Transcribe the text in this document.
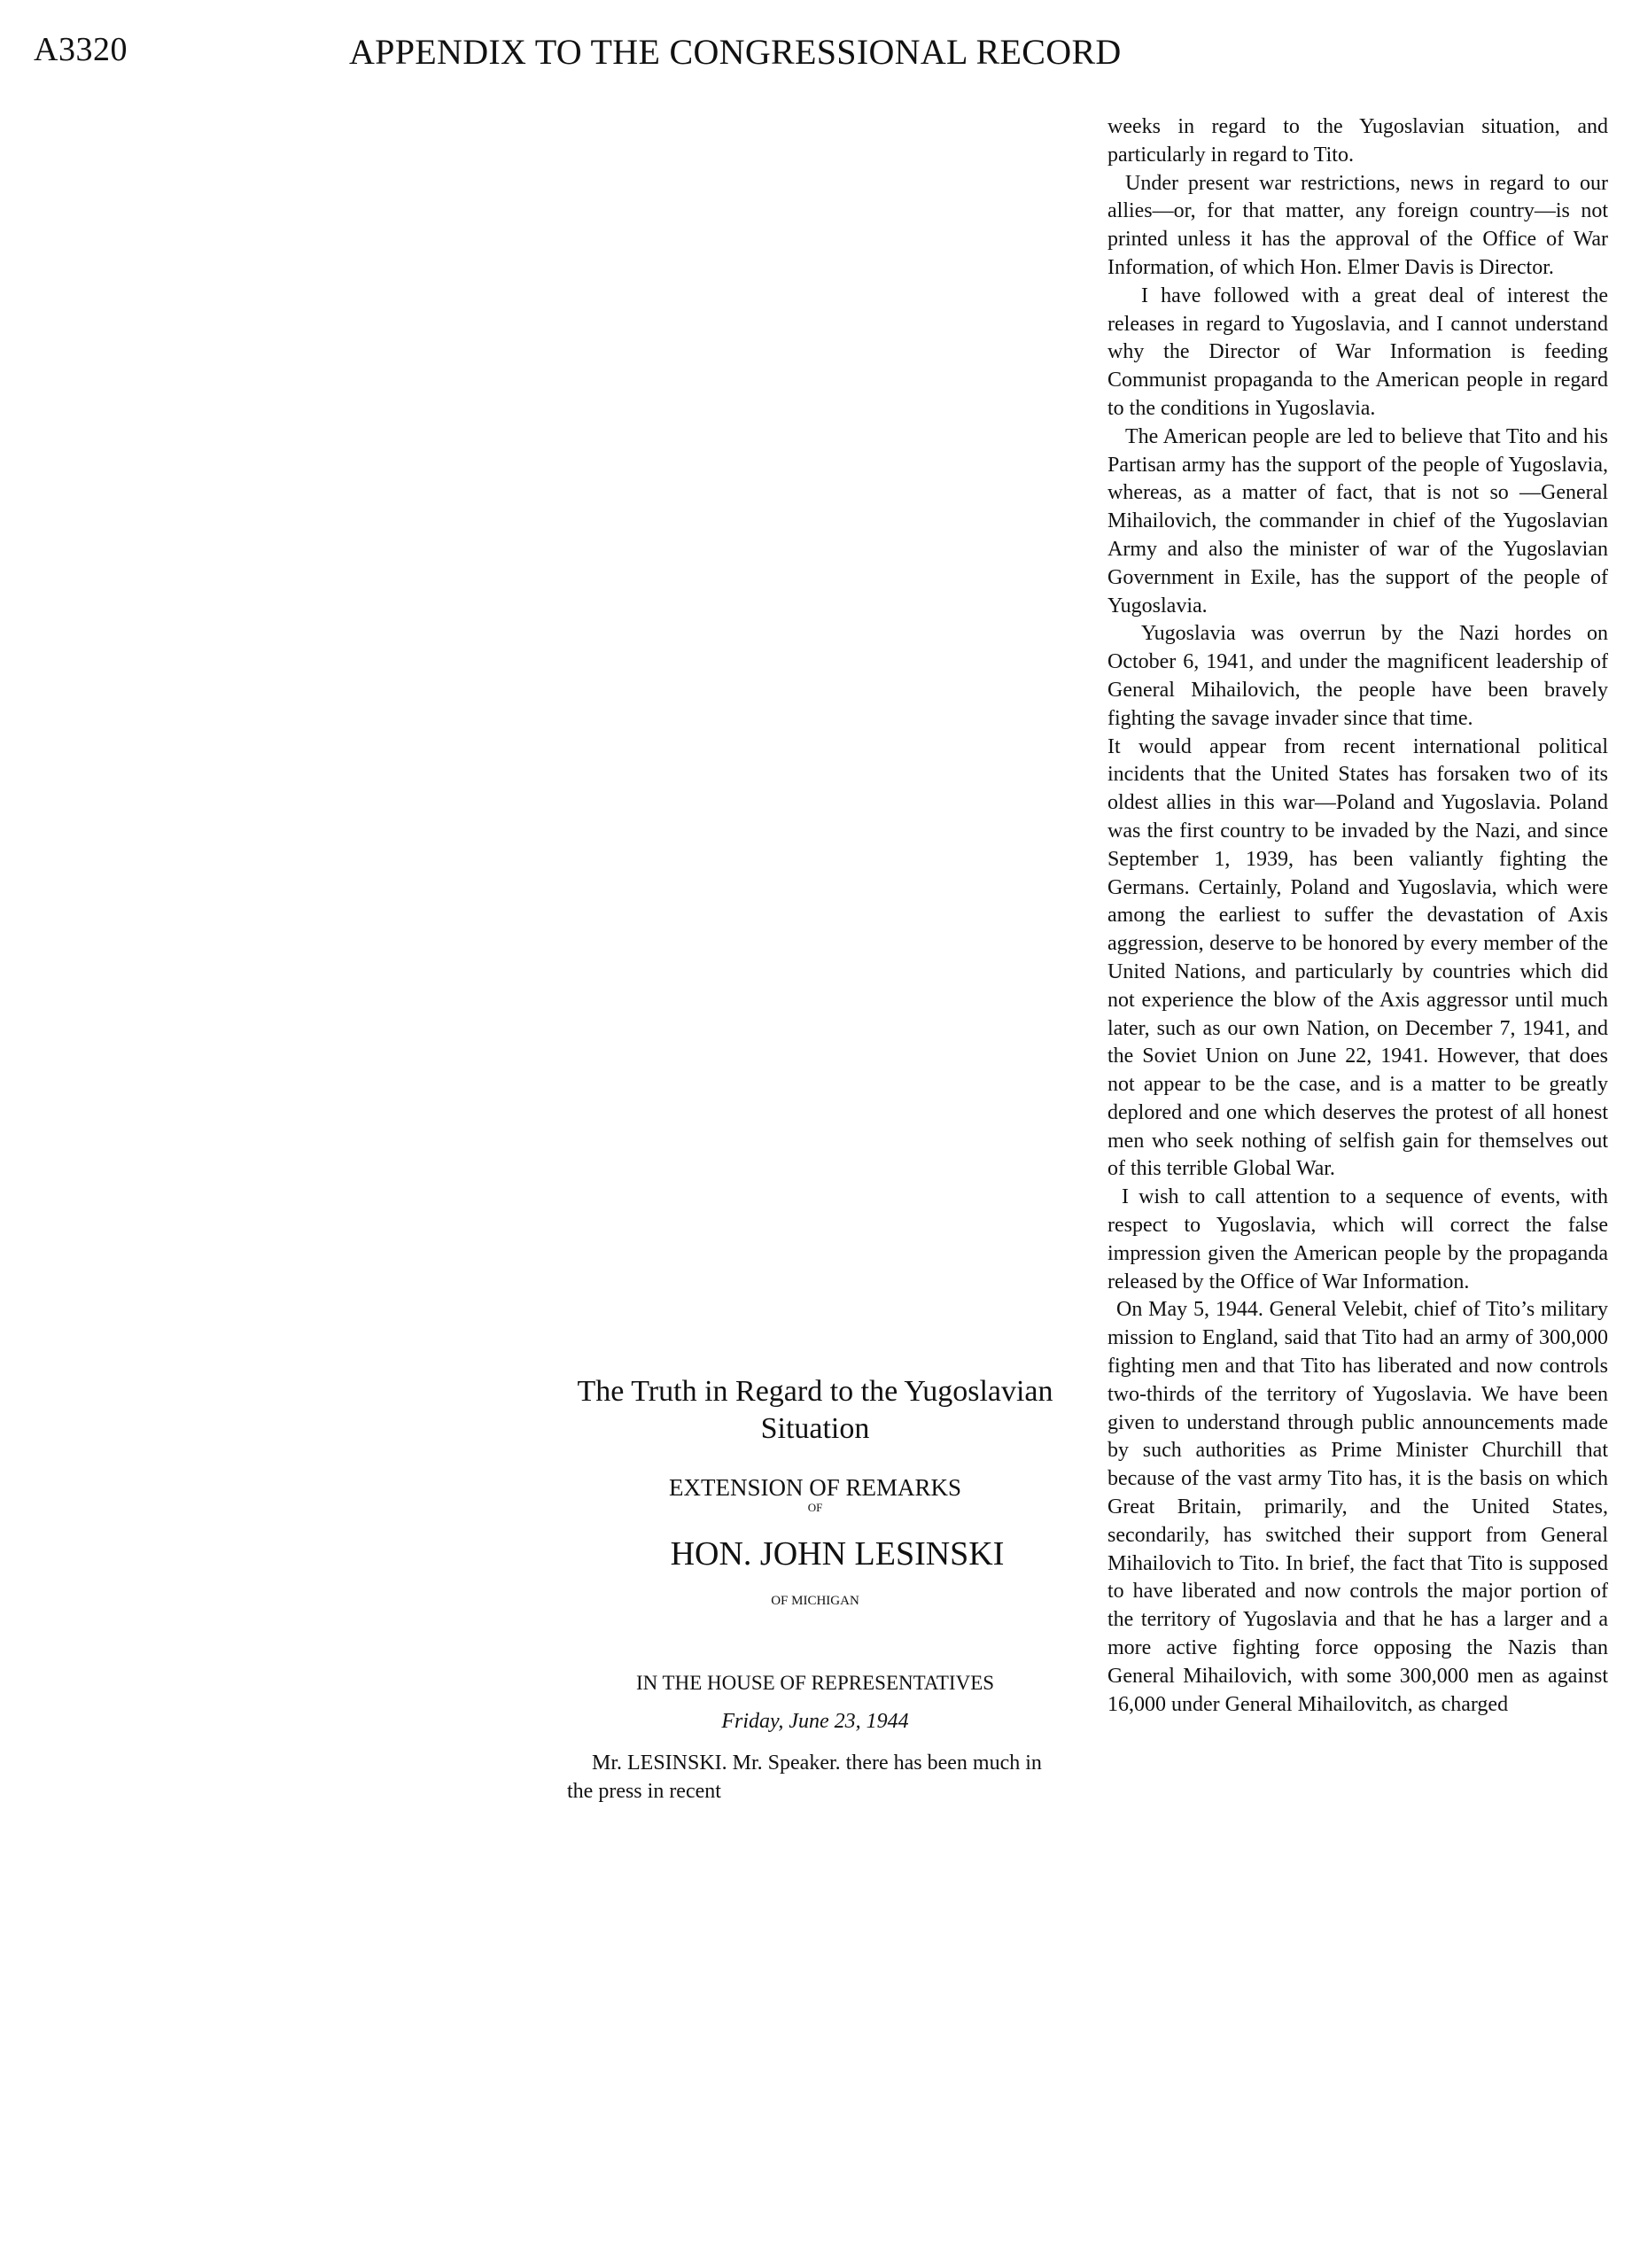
A3320	APPENDIX TO THE CONGRESSIONAL RECORD
The Truth in Regard to the Yugoslavian Situation
EXTENSION OF REMARKS
OF
HON. JOHN LESINSKI
OF MICHIGAN
IN THE HOUSE OF REPRESENTATIVES
Friday, June 23, 1944
Mr. LESINSKI. Mr. Speaker. there has been much in the press in recent

weeks in regard to the Yugoslavian situation, and particularly in regard to Tito.

Under present war restrictions, news in regard to our allies—or, for that matter, any foreign country—is not printed unless it has the approval of the Office of War Information, of which Hon. Elmer Davis is Director.

I have followed with a great deal of interest the releases in regard to Yugoslavia, and I cannot understand why the Director of War Information is feeding Communist propaganda to the American people in regard to the conditions in Yugoslavia.

The American people are led to believe that Tito and his Partisan army has the support of the people of Yugoslavia, whereas, as a matter of fact, that is not so —General Mihailovich, the commander in chief of the Yugoslavian Army and also the minister of war of the Yugoslavian Government in Exile, has the support of the people of Yugoslavia.

Yugoslavia was overrun by the Nazi hordes on October 6, 1941, and under the magnificent leadership of General Mihailovich, the people have been bravely fighting the savage invader since that time.

It would appear from recent international political incidents that the United States has forsaken two of its oldest allies in this war—Poland and Yugoslavia. Poland was the first country to be invaded by the Nazi, and since September 1, 1939, has been valiantly fighting the Germans. Certainly, Poland and Yugoslavia, which were among the earliest to suffer the devastation of Axis aggression, deserve to be honored by every member of the United Nations, and particularly by countries which did not experience the blow of the Axis aggressor until much later, such as our own Nation, on December 7, 1941, and the Soviet Union on June 22, 1941. However, that does not appear to be the case, and is a matter to be greatly deplored and one which deserves the protest of all honest men who seek nothing of selfish gain for themselves out of this terrible Global War.

I wish to call attention to a sequence of events, with respect to Yugoslavia, which will correct the false impression given the American people by the propaganda released by the Office of War Information.

On May 5, 1944. General Velebit, chief of Tito’s military mission to England, said that Tito had an army of 300,000 fighting men and that Tito has liberated and now controls two-thirds of the territory of Yugoslavia. We have been given to understand through public announcements made by such authorities as Prime Minister Churchill that because of the vast army Tito has, it is the basis on which Great Britain, primarily, and the United States, secondarily, has switched their support from General Mihailovich to Tito. In brief, the fact that Tito is supposed to have liberated and now controls the major portion of the territory of Yugoslavia and that he has a larger and a more active fighting force opposing the Nazis than General Mihailovich, with some 300,000 men as against 16,000 under General Mihailovitch, as charged
